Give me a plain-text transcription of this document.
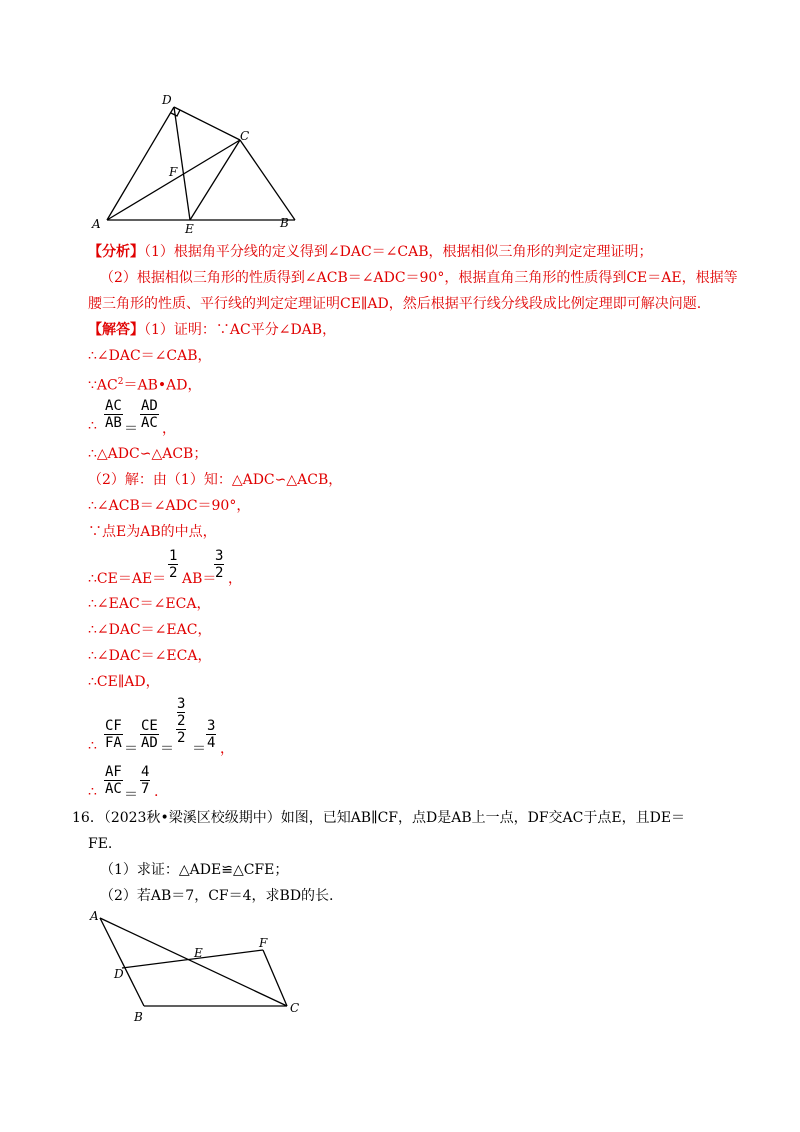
D
C
F
A	E	B
【分析】（1）根据角平分线的定义得到∠DAC＝∠CAB，根据相似三角形的判定定理证明；
（2）根据相似三角形的性质得到∠ACB＝∠ADC＝90°，根据直角三角形的性质得到CE＝AE，根据等
腰三角形的性质、平行线的判定定理证明CE∥AD，然后根据平行线分线段成比例定理即可解决问题.
【解答】（1）证明：∵AC平分∠DAB，
∴∠DAC＝∠CAB，
$\because AC^2=AB•AD$，
∴ $\frac{AC}{AB} = \frac{AD}{AC}$ ，
∴△ADC∽△ACB；
（2）解：由（1）知：△ADC∽△ACB，
∴∠ACB＝∠ADC＝90°，
∵点E为AB的中点，
∴CE＝AE＝ $\frac{1}{2} AB=$
$\frac{3}{2}$ ，
∴∠EAC＝∠ECA，
∴∠DAC＝∠EAC，
∴∠DAC＝∠ECA，
∴CE∥AD，
∴ $\frac{CF}{FA} = \frac{CE}{AD}$ ＝
$\frac{\frac{3}{2}}{2}$
＝ $\frac{3}{4}$ ，
∴ $\frac{AF}{AC} = \frac{4}{7}$ .
16．（2023秋•梁溪区校级期中）如图，已知AB∥CF，点D是AB上一点，DF交AC于点E，且DE＝
FE.
（1）求证：△ADE≌△CFE；
（2）若AB＝7，CF＝4，求BD的长.
A
E
F
D
B
C
